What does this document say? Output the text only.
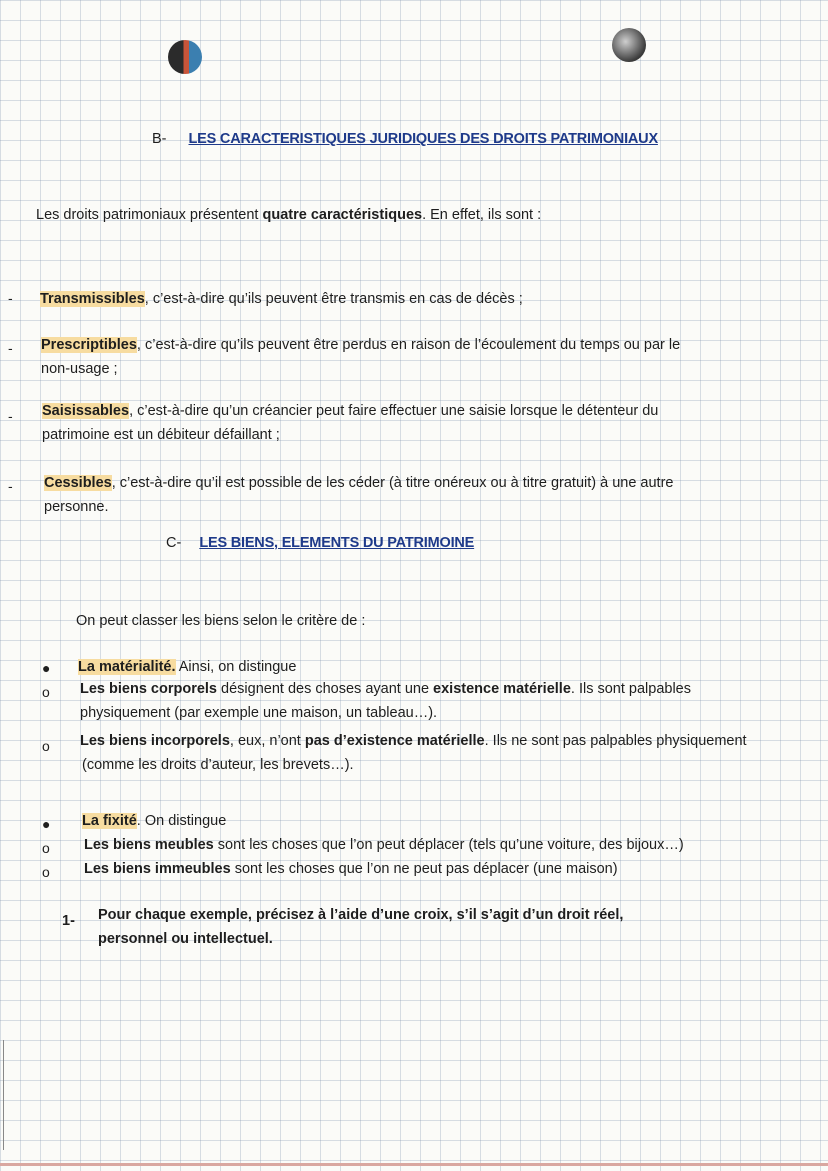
B- LES CARACTERISTIQUES JURIDIQUES DES DROITS PATRIMONIAUX
Les droits patrimoniaux présentent quatre caractéristiques. En effet, ils sont :
- Transmissibles, c’est-à-dire qu’ils peuvent être transmis en cas de décès ;
- Prescriptibles, c’est-à-dire qu’ils peuvent être perdus en raison de l’écoulement du temps ou par le
non-usage ;
- Saisissables, c’est-à-dire qu’un créancier peut faire effectuer une saisie lorsque le détenteur du
patrimoine est un débiteur défaillant ;
- Cessibles, c’est-à-dire qu’il est possible de les céder (à titre onéreux ou à titre gratuit) à une autre
personne.
C- LES BIENS, ELEMENTS DU PATRIMOINE
On peut classer les biens selon le critère de :
● La matérialité. Ainsi, on distingue
o Les biens corporels désignent des choses ayant une existence matérielle. Ils sont palpables
physiquement (par exemple une maison, un tableau…).
o Les biens incorporels, eux, n’ont pas d’existence matérielle. Ils ne sont pas palpables physiquement
(comme les droits d’auteur, les brevets…).
● La fixité. On distingue
o Les biens meubles sont les choses que l’on peut déplacer (tels qu’une voiture, des bijoux…)
o Les biens immeubles sont les choses que l’on ne peut pas déplacer (une maison)
1- Pour chaque exemple, précisez à l’aide d’une croix, s’il s’agit d’un droit réel,
personnel ou intellectuel.
